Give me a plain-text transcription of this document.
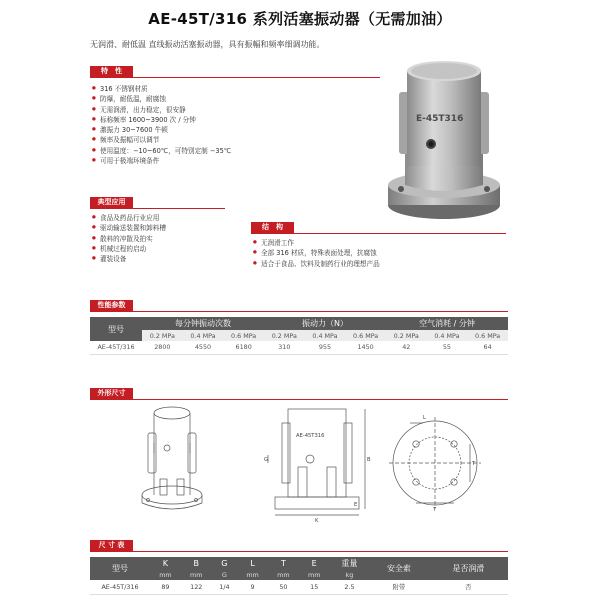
AE-45T/316 系列活塞振动器（无需加油）
无润滑、耐低温 直线振动活塞振动器，具有振幅和频率细调功能。
特　性
● 316 不锈钢材质
● 防爆，耐低温，耐腐蚀
● 无需润滑，出力稳定，很安静
● 标称频率 1600~3900 次 / 分钟
● 激振力 30~7600 牛顿
● 频率及振幅可以调节
● 使用温度：−10~60℃，可特别定制 −35℃
● 可用于极端环境条件
典型应用
● 食品及药品行业应用
● 驱动输送装置和卸料槽
● 散料的冲散及拍实
● 机械过程的启动
● 灌装设备
结　构
● 无润滑工作
● 全部 316 材质，特殊表面处理，抗腐蚀
● 适合于食品、饮料及制药行业的理想产品
E-45T316
性能参数
型号	每分钟振动次数			振动力（N）			空气消耗 / 分钟		
	0.2 MPa	0.4 MPa	0.6 MPa	0.2 MPa	0.4 MPa	0.6 MPa	0.2 MPa	0.4 MPa	0.6 MPa
AE-45T/316	2800	4550	6180	310	955	1450	42	55	64
外形尺寸
AE-45T316
G	B
K
E
L
T
T
尺 寸 表
型号	K	B	G	L	T	E	重量	安全索	是否润滑
	mm	mm	G	mm	mm	mm	kg		
AE-45T/316	89	122	1/4	9	50	15	2.5	附带	否
